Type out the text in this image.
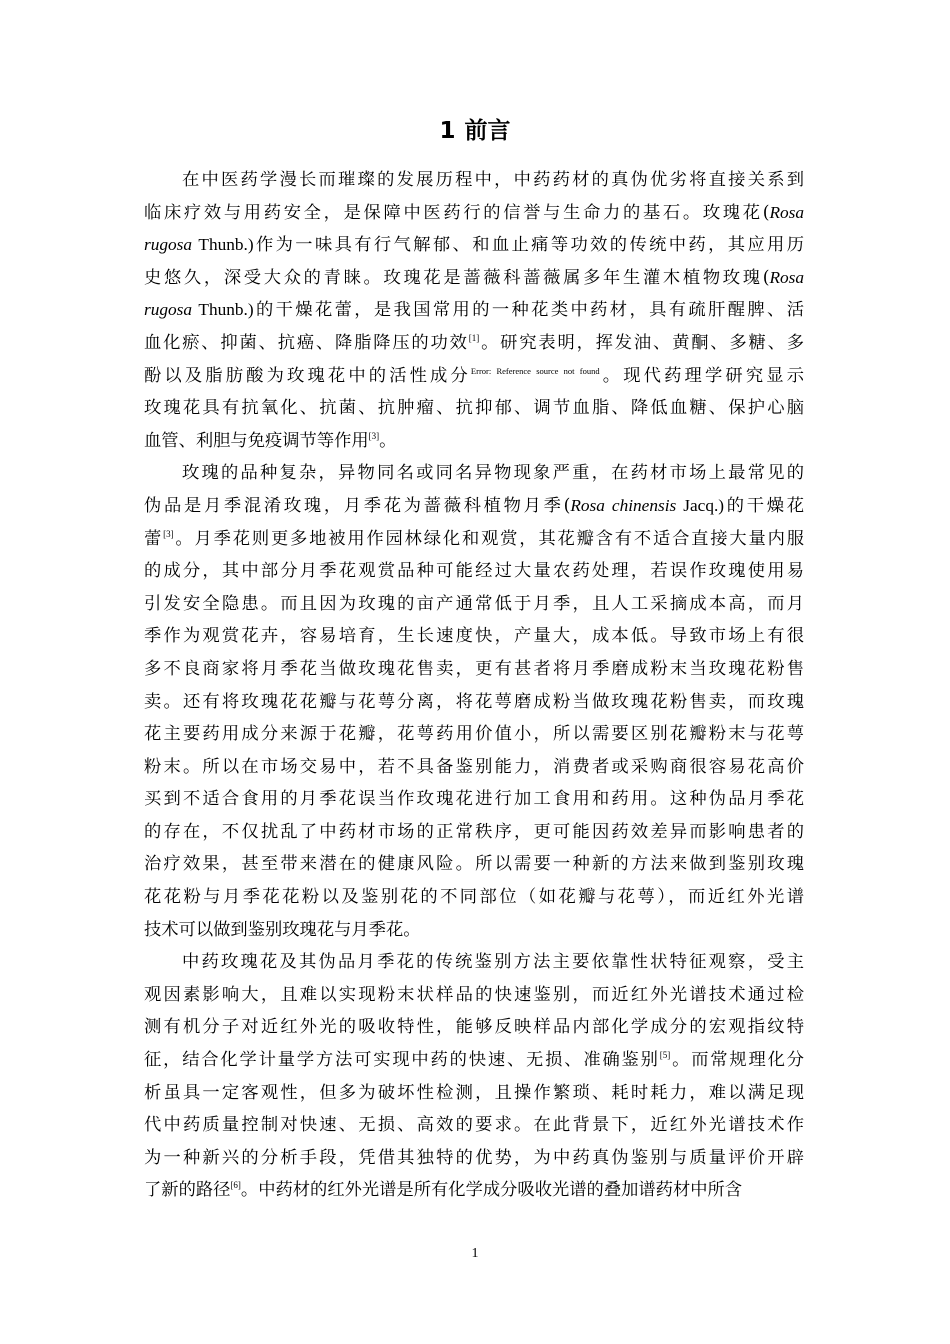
1 前言
在中医药学漫长而璀璨的发展历程中，中药药材的真伪优劣将直接关系到
临床疗效与用药安全，是保障中医药行的信誉与生命力的基石。玫瑰花(Rosa
rugosa Thunb.)作为一味具有行气解郁、和血止痛等功效的传统中药，其应用历
史悠久，深受大众的青睐。玫瑰花是蔷薇科蔷薇属多年生灌木植物玫瑰(Rosa
rugosa Thunb.)的干燥花蕾，是我国常用的一种花类中药材，具有疏肝醒脾、活
血化瘀、抑菌、抗癌、降脂降压的功效[1]。研究表明，挥发油、黄酮、多糖、多
酚以及脂肪酸为玫瑰花中的活性成分$^{Error: Reference source not found}$。现代药理学研究显示
玫瑰花具有抗氧化、抗菌、抗肿瘤、抗抑郁、调节血脂、降低血糖、保护心脑
血管、利胆与免疫调节等作用[3]。
玫瑰的品种复杂，异物同名或同名异物现象严重，在药材市场上最常见的
伪品是月季混淆玫瑰，月季花为蔷薇科植物月季(Rosa chinensis Jacq.)的干燥花
蕾[3]。月季花则更多地被用作园林绿化和观赏，其花瓣含有不适合直接大量内服
的成分，其中部分月季花观赏品种可能经过大量农药处理，若误作玫瑰使用易
引发安全隐患。而且因为玫瑰的亩产通常低于月季，且人工采摘成本高，而月
季作为观赏花卉，容易培育，生长速度快，产量大，成本低。导致市场上有很
多不良商家将月季花当做玫瑰花售卖，更有甚者将月季磨成粉末当玫瑰花粉售
卖。还有将玫瑰花花瓣与花萼分离，将花萼磨成粉当做玫瑰花粉售卖，而玫瑰
花主要药用成分来源于花瓣，花萼药用价值小，所以需要区别花瓣粉末与花萼
粉末。所以在市场交易中，若不具备鉴别能力，消费者或采购商很容易花高价
买到不适合食用的月季花误当作玫瑰花进行加工食用和药用。这种伪品月季花
的存在，不仅扰乱了中药材市场的正常秩序，更可能因药效差异而影响患者的
治疗效果，甚至带来潜在的健康风险。所以需要一种新的方法来做到鉴别玫瑰
花花粉与月季花花粉以及鉴别花的不同部位（如花瓣与花萼），而近红外光谱
技术可以做到鉴别玫瑰花与月季花。
中药玫瑰花及其伪品月季花的传统鉴别方法主要依靠性状特征观察，受主
观因素影响大，且难以实现粉末状样品的快速鉴别，而近红外光谱技术通过检
测有机分子对近红外光的吸收特性，能够反映样品内部化学成分的宏观指纹特
征，结合化学计量学方法可实现中药的快速、无损、准确鉴别[5]。而常规理化分
析虽具一定客观性，但多为破坏性检测，且操作繁琐、耗时耗力，难以满足现
代中药质量控制对快速、无损、高效的要求。在此背景下，近红外光谱技术作
为一种新兴的分析手段，凭借其独特的优势，为中药真伪鉴别与质量评价开辟
了新的路径[6]。中药材的红外光谱是所有化学成分吸收光谱的叠加谱药材中所含
1
